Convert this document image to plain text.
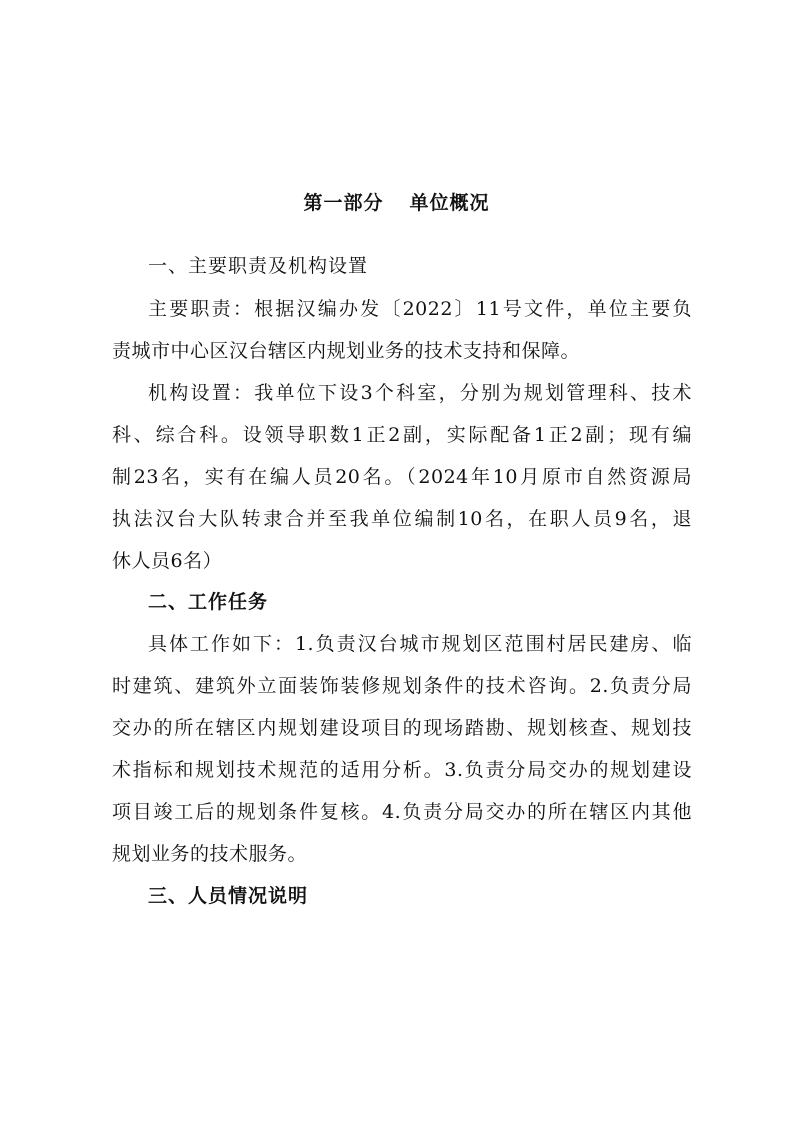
第一部分 单位概况
一、主要职责及机构设置
主要职责：根据汉编办发〔2022〕11号文件，单位主要负
责城市中心区汉台辖区内规划业务的技术支持和保障。
机构设置：我单位下设3个科室，分别为规划管理科、技术
科、综合科。设领导职数1正2副，实际配备1正2副；现有编
制23名，实有在编人员20名。（2024年10月原市自然资源局
执法汉台大队转隶合并至我单位编制10名，在职人员9名，退
休人员6名）
二、工作任务
具体工作如下：1.负责汉台城市规划区范围村居民建房、临
时建筑、建筑外立面装饰装修规划条件的技术咨询。2.负责分局
交办的所在辖区内规划建设项目的现场踏勘、规划核查、规划技
术指标和规划技术规范的适用分析。3.负责分局交办的规划建设
项目竣工后的规划条件复核。4.负责分局交办的所在辖区内其他
规划业务的技术服务。
三、人员情况说明
